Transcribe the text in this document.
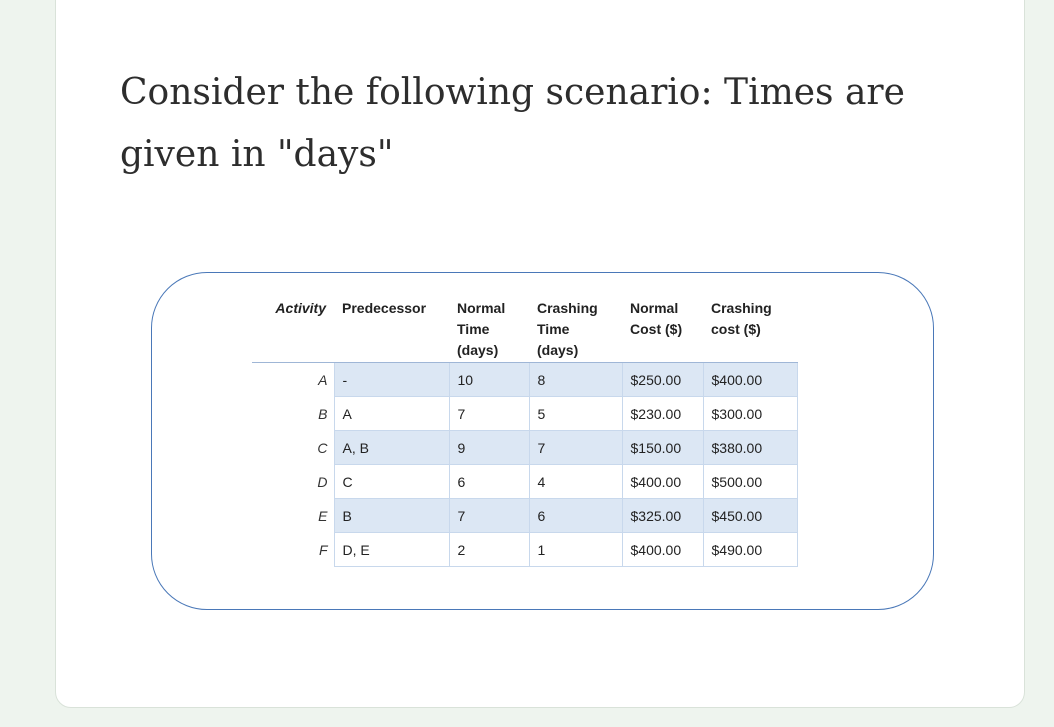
Consider the following scenario: Times are given in "days"

Activity	Predecessor	Normal Time (days)	Crashing Time (days)	Normal Cost ($)	Crashing cost ($)
A	-	10	8	$250.00	$400.00
B	A	7	5	$230.00	$300.00
C	A, B	9	7	$150.00	$380.00
D	C	6	4	$400.00	$500.00
E	B	7	6	$325.00	$450.00
F	D, E	2	1	$400.00	$490.00
